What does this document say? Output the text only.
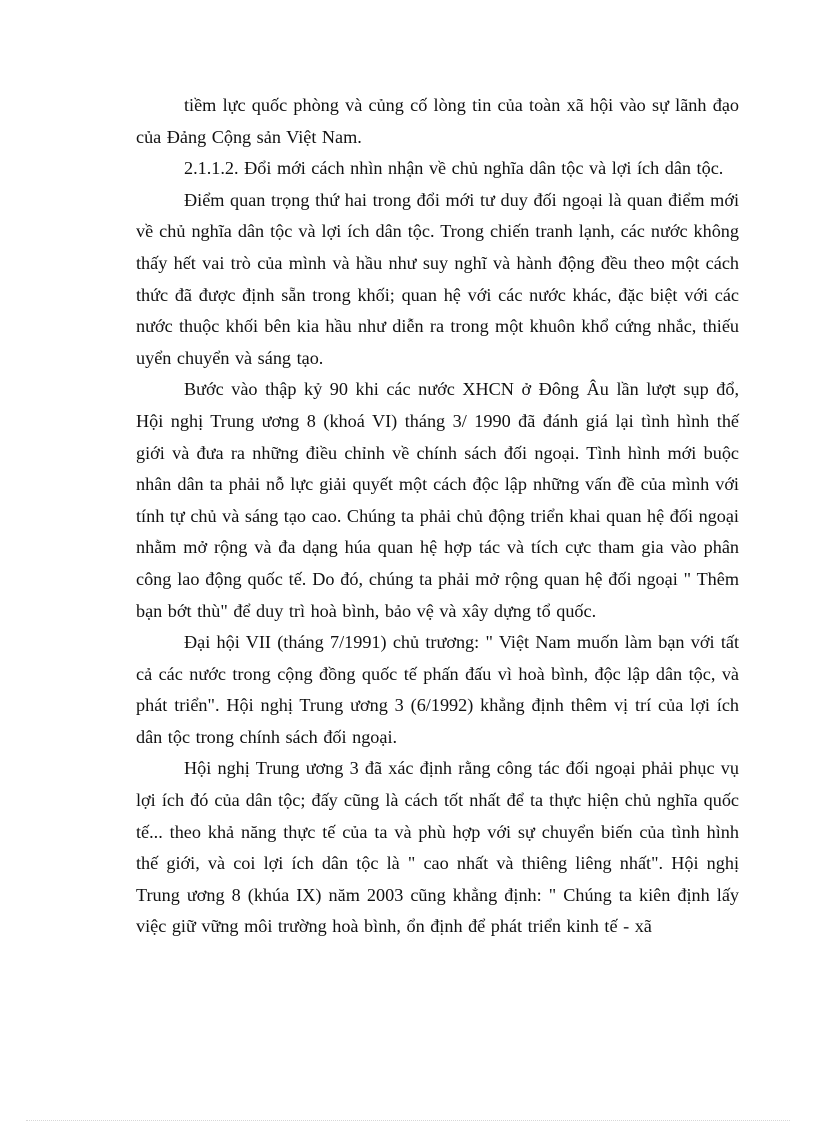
tiềm lực quốc phòng và củng cố lòng tin của toàn xã hội vào sự lãnh đạo của Đảng Cộng sản Việt Nam.

2.1.1.2. Đổi mới cách nhìn nhận về chủ nghĩa dân tộc và lợi ích dân tộc.

Điểm quan trọng thứ hai trong đổi mới tư duy đối ngoại là quan điểm mới về chủ nghĩa dân tộc và lợi ích dân tộc. Trong chiến tranh lạnh, các nước không thấy hết vai trò của mình và hầu như suy nghĩ và hành động đều theo một cách thức đã được định sẵn trong khối; quan hệ với các nước khác, đặc biệt với các nước thuộc khối bên kia hầu như diễn ra trong một khuôn khổ cứng nhắc, thiếu uyển chuyển và sáng tạo.

Bước vào thập kỷ 90 khi các nước XHCN ở Đông Âu lần lượt sụp đổ, Hội nghị Trung ương 8 (khoá VI) tháng 3/ 1990 đã đánh giá lại tình hình thế giới và đưa ra những điều chỉnh về chính sách đối ngoại. Tình hình mới buộc nhân dân ta phải nỗ lực giải quyết một cách độc lập những vấn đề của mình với tính tự chủ và sáng tạo cao. Chúng ta phải chủ động triển khai quan hệ đối ngoại nhằm mở rộng và đa dạng húa quan hệ hợp tác và tích cực tham gia vào phân công lao động quốc tế. Do đó, chúng ta phải mở rộng quan hệ đối ngoại " Thêm bạn bớt thù" để duy trì hoà bình, bảo vệ và xây dựng tổ quốc.

Đại hội VII (tháng 7/1991) chủ trương: " Việt Nam muốn làm bạn với tất cả các nước trong cộng đồng quốc tế phấn đấu vì hoà bình, độc lập dân tộc, và phát triển". Hội nghị Trung ương 3 (6/1992) khẳng định thêm vị trí của lợi ích dân tộc trong chính sách đối ngoại.

Hội nghị Trung ương 3 đã xác định rằng công tác đối ngoại phải phục vụ lợi ích đó của dân tộc; đấy cũng là cách tốt nhất để ta thực hiện chủ nghĩa quốc tế... theo khả năng thực tế của ta và phù hợp với sự chuyển biến của tình hình thế giới, và coi lợi ích dân tộc là " cao nhất và thiêng liêng nhất". Hội nghị Trung ương 8 (khúa IX) năm 2003 cũng khẳng định: " Chúng ta kiên định lấy việc giữ vững môi trường hoà bình, ổn định để phát triển kinh tế - xã
